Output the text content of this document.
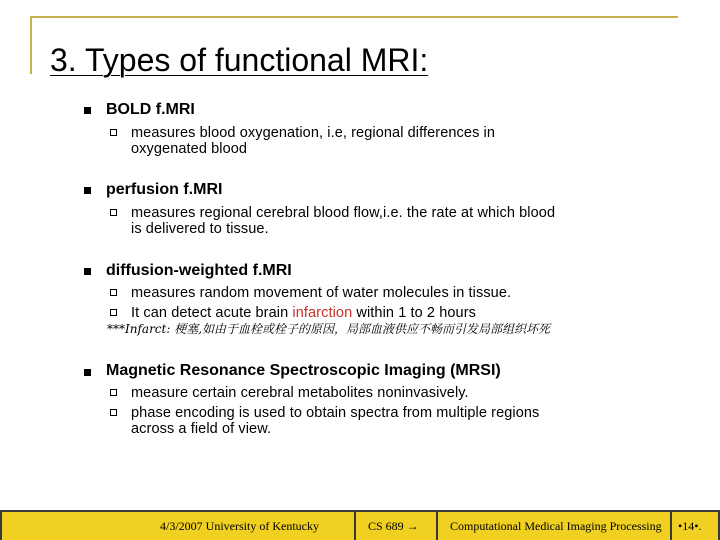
3. Types of functional MRI:
BOLD f.MRI
measures blood oxygenation, i.e, regional differences in
oxygenated blood
perfusion f.MRI
measures regional cerebral blood flow,i.e. the rate at which blood
is delivered to tissue.
diffusion-weighted f.MRI
measures random movement of water molecules in tissue.
It can detect acute brain infarction within 1 to 2 hours
***Infarct: 梗塞,如由于血栓或栓子的原因，局部血液供应不畅而引发局部组织坏死
Magnetic Resonance Spectroscopic Imaging (MRSI)
measure certain cerebral metabolites noninvasively.
phase encoding is used to obtain spectra from multiple regions
across a field of view.
4/3/2007 University of Kentucky	CS 689 →	Computational Medical Imaging Processing •14•.
